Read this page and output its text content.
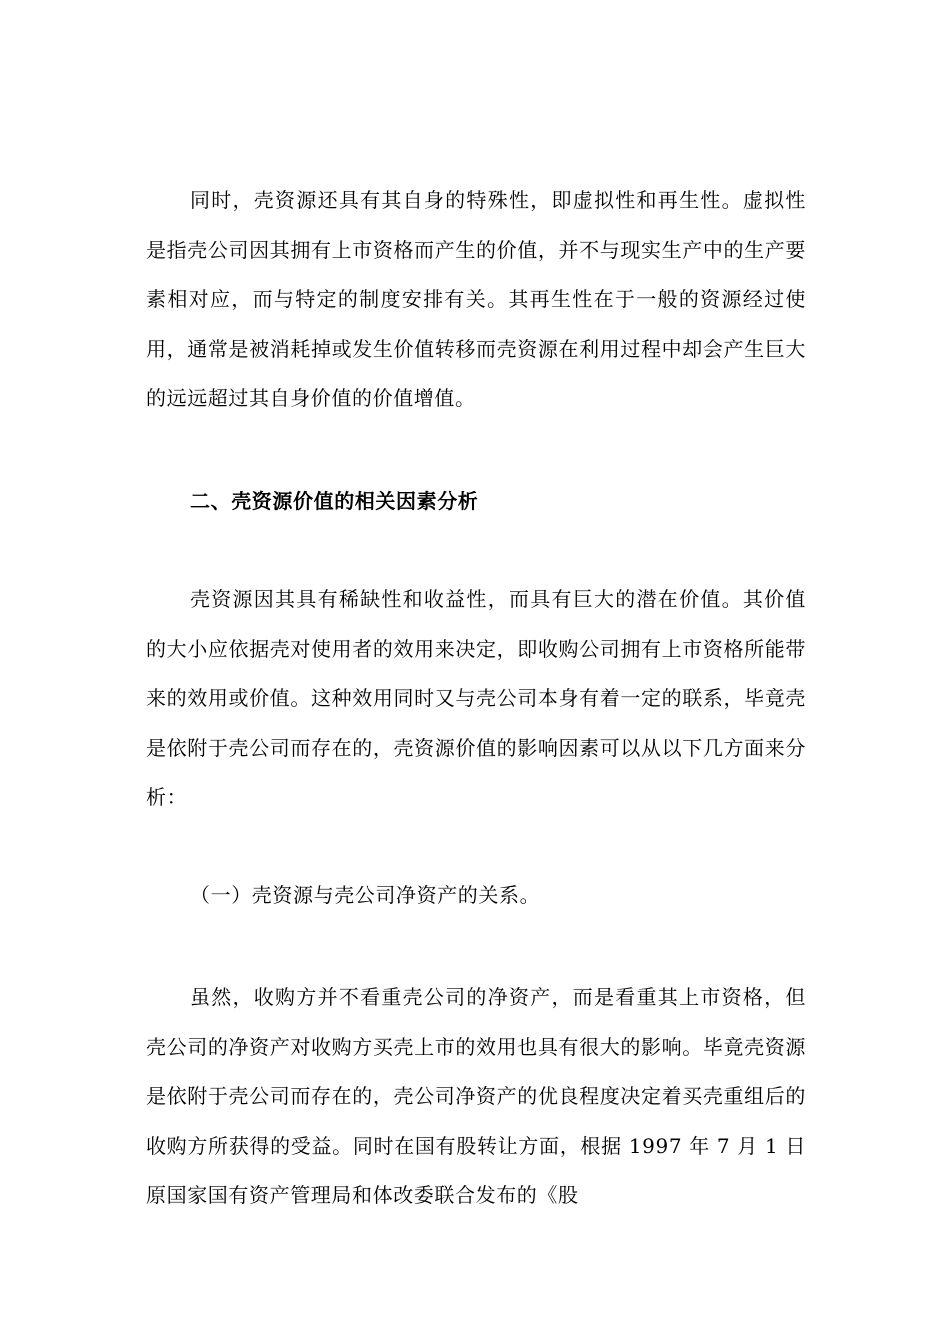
同时，壳资源还具有其自身的特殊性，即虚拟性和再生性。虚拟性是指壳公司因其拥有上市资格而产生的价值，并不与现实生产中的生产要素相对应，而与特定的制度安排有关。其再生性在于一般的资源经过使用，通常是被消耗掉或发生价值转移而壳资源在利用过程中却会产生巨大的远远超过其自身价值的价值增值。

二、壳资源价值的相关因素分析

壳资源因其具有稀缺性和收益性，而具有巨大的潜在价值。其价值的大小应依据壳对使用者的效用来决定，即收购公司拥有上市资格所能带来的效用或价值。这种效用同时又与壳公司本身有着一定的联系，毕竟壳是依附于壳公司而存在的，壳资源价值的影响因素可以从以下几方面来分析：

（一）壳资源与壳公司净资产的关系。

虽然，收购方并不看重壳公司的净资产，而是看重其上市资格，但壳公司的净资产对收购方买壳上市的效用也具有很大的影响。毕竟壳资源是依附于壳公司而存在的，壳公司净资产的优良程度决定着买壳重组后的收购方所获得的受益。同时在国有股转让方面，根据 1997 年 7 月 1 日原国家国有资产管理局和体改委联合发布的《股
